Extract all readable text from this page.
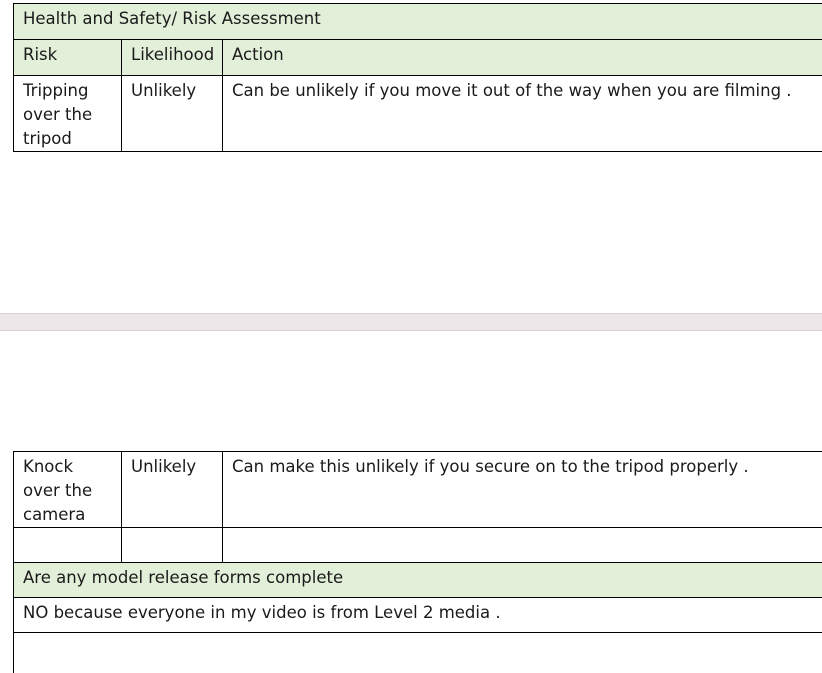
Health and Safety/ Risk Assessment		
Risk	Likelihood	Action
Tripping over the tripod	Unlikely	Can be unlikely if you move it out of the way when you are filming .
Knock over the camera	Unlikely	Can make this unlikely if you secure on to the tripod properly .

Are any model release forms complete		
NO because everyone in my video is from Level 2 media .		
